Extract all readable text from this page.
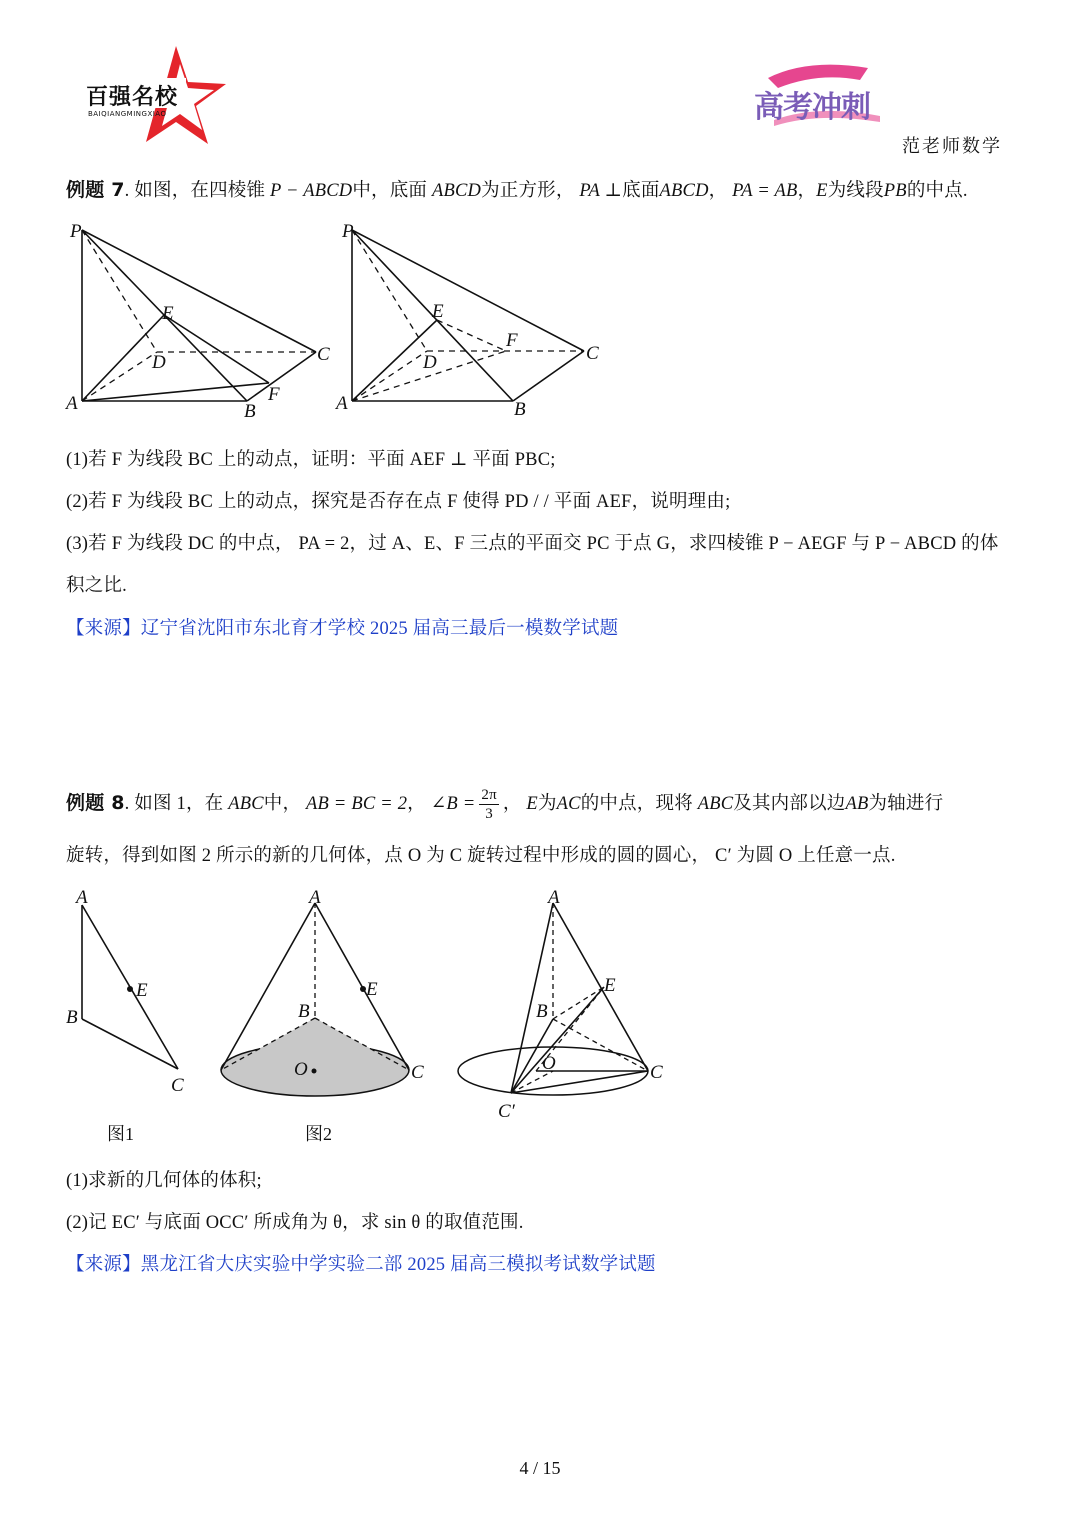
百强名校
BAIQIANGMINGXIAO	高考冲刺
范老师数学
例题 7. 如图，在四棱锥 P − ABCD中，底面 ABCD为正方形， PA ⊥底面ABCD， PA = AB，E为线段PB的中点.
P
A	B
C
D
E
F
P
A	B
C
D
E
F
(1)若 F 为线段 BC 上的动点，证明：平面 AEF ⊥ 平面 PBC;
(2)若 F 为线段 BC 上的动点，探究是否存在点 F 使得 PD / / 平面 AEF，说明理由;
(3)若 F 为线段 DC 的中点， PA = 2，过 A、E、F 三点的平面交 PC 于点 G，求四棱锥 P − AEGF 与 P − ABCD 的体
积之比.
【来源】辽宁省沈阳市东北育才学校 2025 届高三最后一模数学试题
例题 8. 如图 1，在 ABC中， AB = BC = 2， ∠B = $\frac{2\pi}{3}$ ， E为AC的中点，现将 ABC及其内部以边AB为轴进行
旋转，得到如图 2 所示的新的几何体，点 O 为 C 旋转过程中形成的圆的圆心， C′ 为圆 O 上任意一点.
A
B
C
E
A
B
C
E
O
A
B
C
E
O
C′
图1	图2
(1)求新的几何体的体积;
(2)记 EC′ 与底面 OCC′ 所成角为 θ，求 sin θ 的取值范围.
【来源】黑龙江省大庆实验中学实验二部 2025 届高三模拟考试数学试题
4 / 15
